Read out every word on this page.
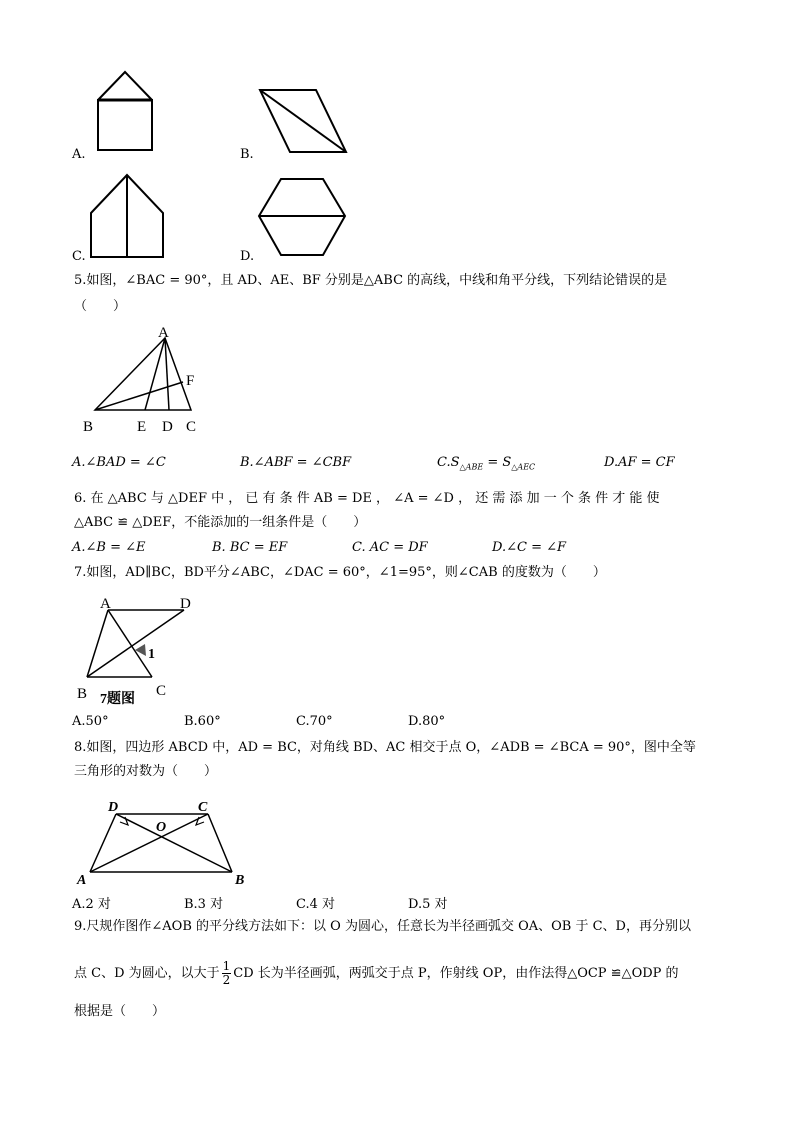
A.	B.
C.	D.
5.如图，∠BAC = 90°，且 AD、AE、BF 分别是△ABC 的高线，中线和角平分线，下列结论错误的是
（　　）
A
B	E D C
F
A.∠BAD = ∠C	B.∠ABF = ∠CBF	$C.S_{\triangle ABE} = S_{\triangle AEC}$	D.AF = CF
6. 在 △ABC 与 △DEF 中 ， 已 有 条 件 AB = DE ， ∠A = ∠D ， 还 需 添 加 一 个 条 件 才 能 使
△ABC ≌ △DEF，不能添加的一组条件是（　　）
A.∠B = ∠E	B. BC = EF	C. AC = DF	D.∠C = ∠F
7.如图，AD∥BC，BD平分∠ABC，∠DAC = 60°，∠1=95°，则∠CAB 的度数为（　　）
A	D
B	C
1
7题图
A.50°	B.60°	C.70°	D.80°
8.如图，四边形 ABCD 中，AD = BC，对角线 BD、AC 相交于点 O，∠ADB = ∠BCA = 90°，图中全等
三角形的对数为（　　）
D	C
O
A	B
A.2 对	B.3 对	C.4 对	D.5 对
9.尺规作图作∠AOB 的平分线方法如下：以 O 为圆心，任意长为半径画弧交 OA、OB 于 C、D，再分别以
点 C、D 为圆心，以大于 $\frac{1}{2}$ CD 长为半径画弧，两弧交于点 P，作射线 OP，由作法得△OCP ≌△ODP 的
根据是（　　）
